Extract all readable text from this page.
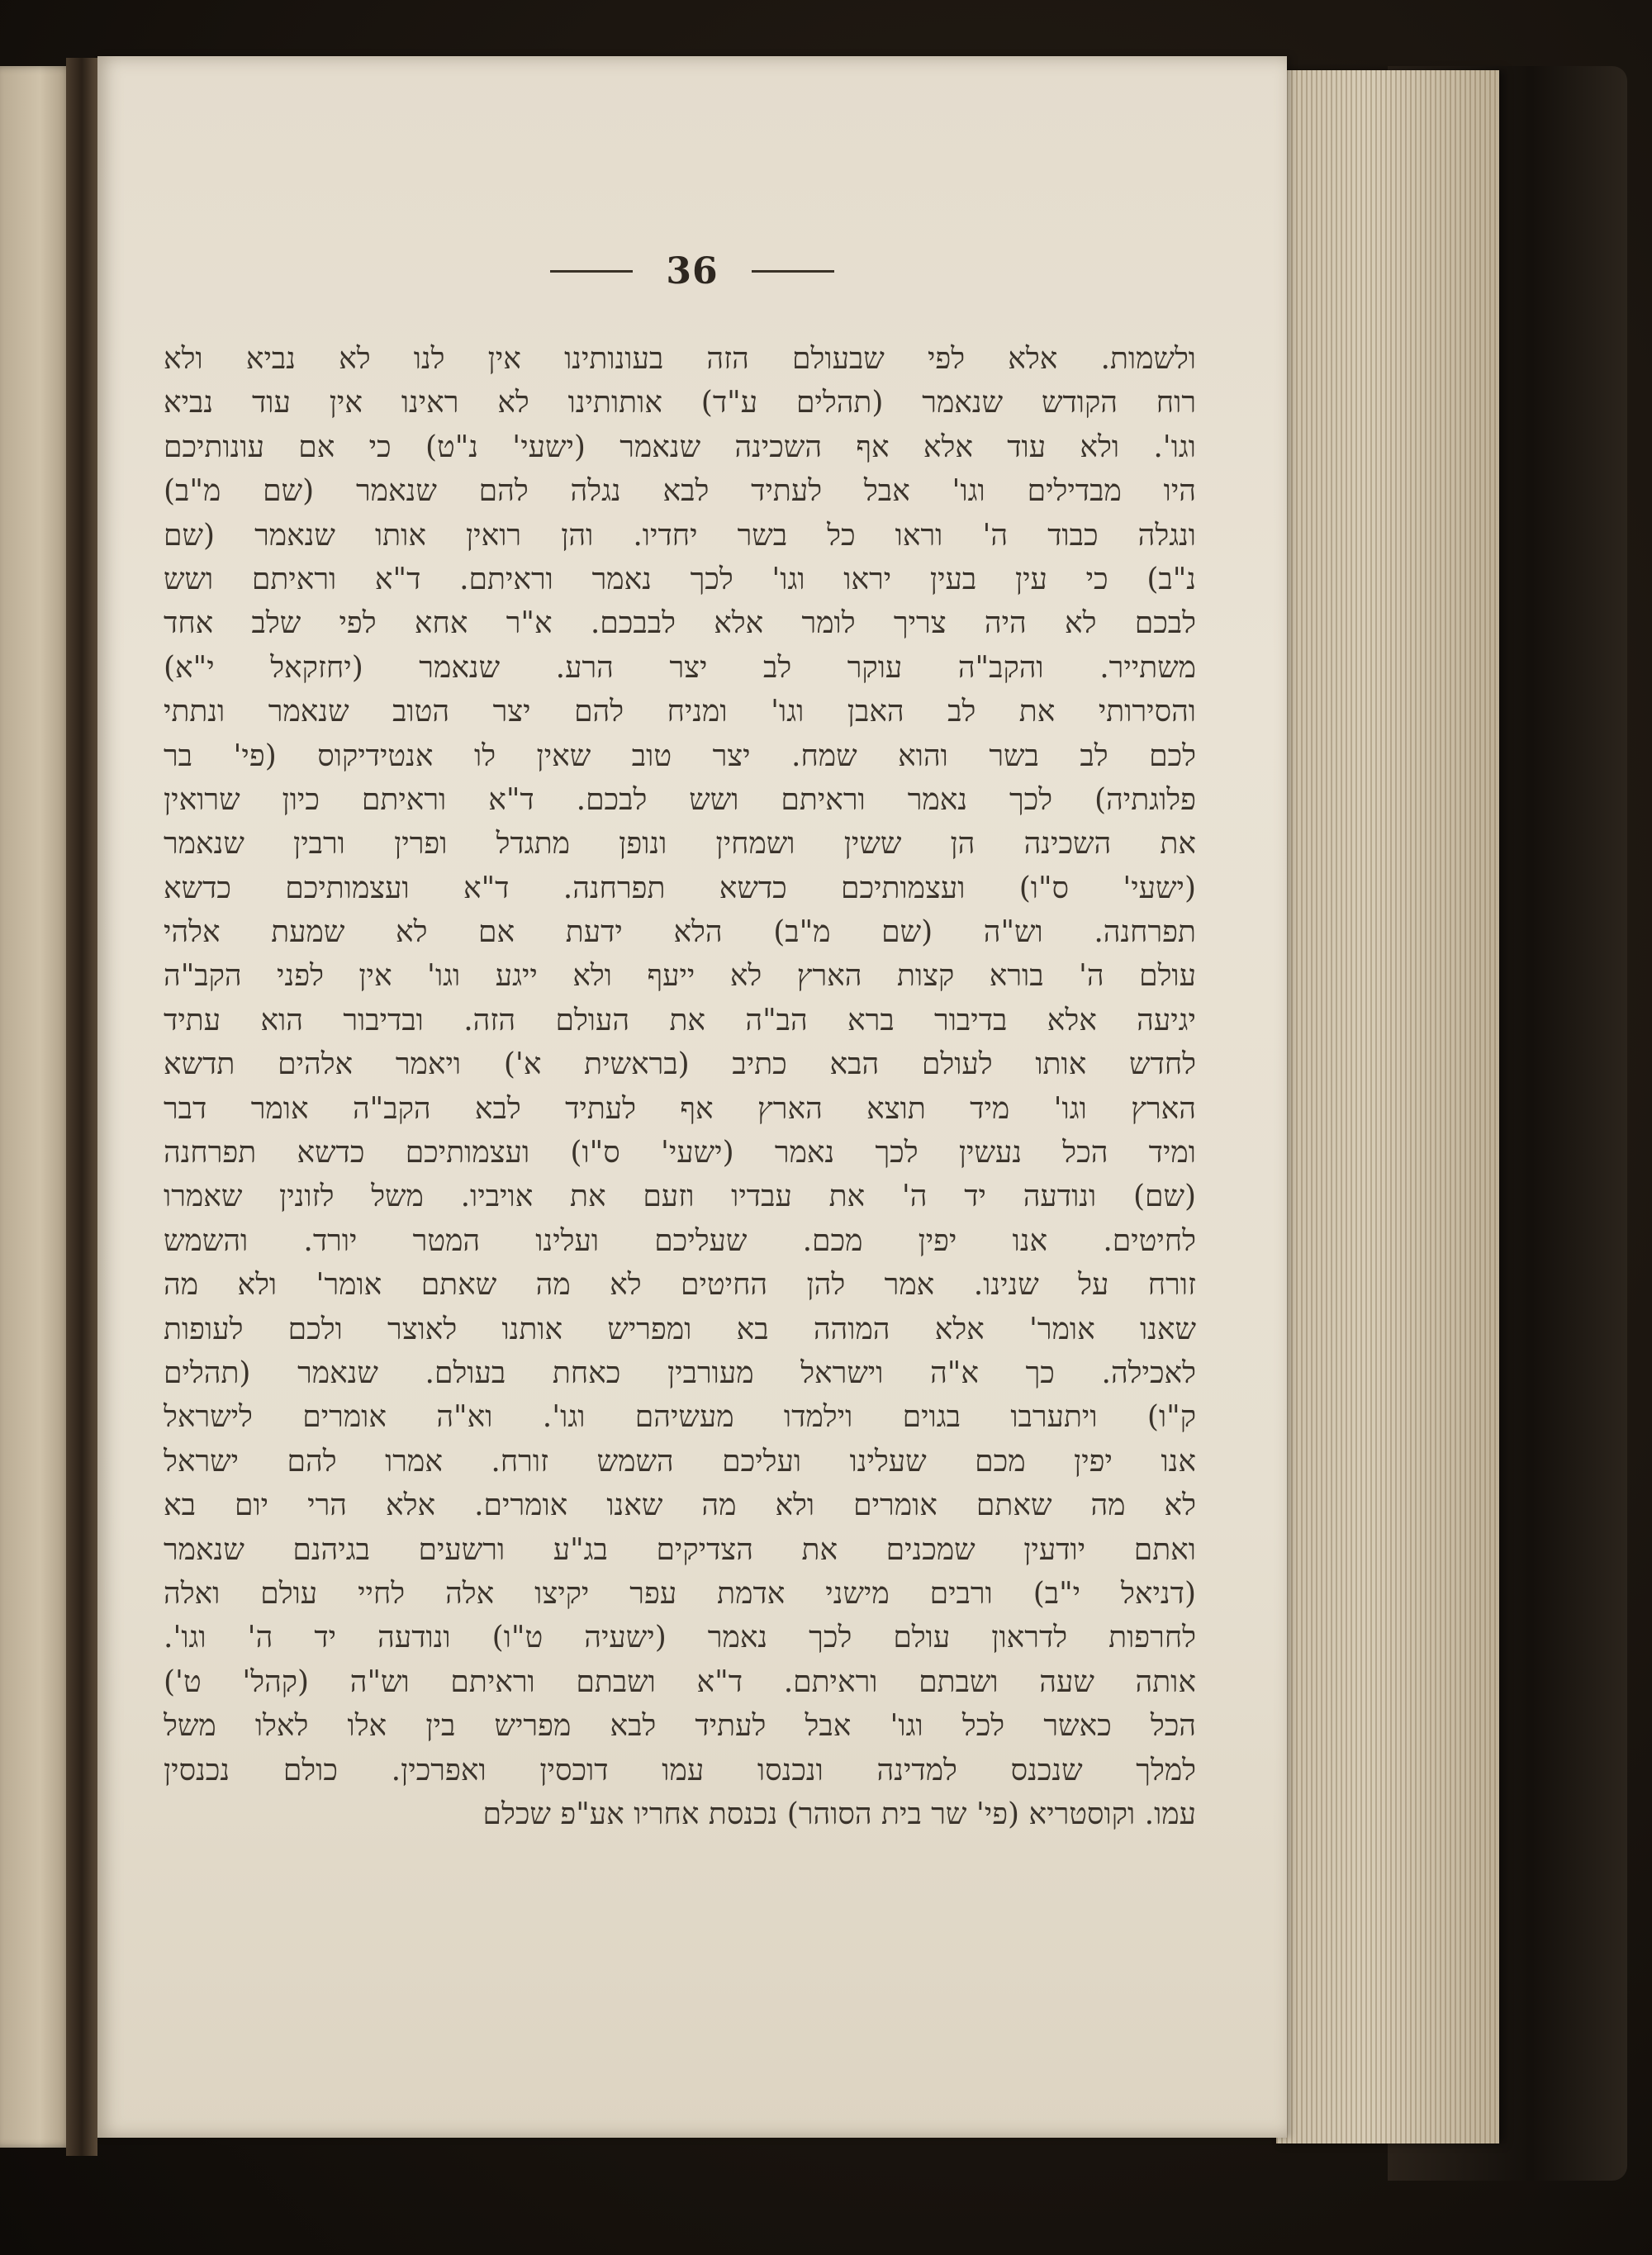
36
ולשמות. אלא לפי שבעולם הזה בעונותינו אין לנו לא נביא ולא
רוח הקודש שנאמר (תהלים ע"ד) אותותינו לא ראינו אין עוד נביא
וגו'. ולא עוד אלא אף השכינה שנאמר (ישעי' נ"ט) כי אם עונותיכם
היו מבדילים וגו' אבל לעתיד לבא נגלה להם שנאמר (שם מ"ב)
ונגלה כבוד ה' וראו כל בשר יחדיו. והן רואין אותו שנאמר (שם
נ"ב) כי עין בעין יראו וגו' לכך נאמר וראיתם. ד"א וראיתם ושש
לבכם לא היה צריך לומר אלא לבבכם. א"ר אחא לפי שלב אחד
משתייר. והקב"ה עוקר לב יצר הרע. שנאמר (יחזקאל י"א)
והסירותי את לב האבן וגו' ומניח להם יצר הטוב שנאמר ונתתי
לכם לב בשר והוא שמח. יצר טוב שאין לו אנטידיקוס (פי' בר
פלוגתיה) לכך נאמר וראיתם ושש לבכם. ד"א וראיתם כיון שרואין
את השכינה הן ששין ושמחין ונופן מתגדל ופרין ורבין שנאמר
(ישעי' ס"ו) ועצמותיכם כדשא תפרחנה. ד"א ועצמותיכם כדשא
תפרחנה. וש"ה (שם מ"ב) הלא ידעת אם לא שמעת אלהי
עולם ה' בורא קצות הארץ לא ייעף ולא ייגע וגו' אין לפני הקב"ה
יגיעה אלא בדיבור ברא הב"ה את העולם הזה. ובדיבור הוא עתיד
לחדש אותו לעולם הבא כתיב (בראשית א') ויאמר אלהים תדשא
הארץ וגו' מיד תוצא הארץ אף לעתיד לבא הקב"ה אומר דבר
ומיד הכל נעשין לכך נאמר (ישעי' ס"ו) ועצמותיכם כדשא תפרחנה
(שם) ונודעה יד ה' את עבדיו וזעם את אויביו. משל לזונין שאמרו
לחיטים. אנו יפין מכם. שעליכם ועלינו המטר יורד. והשמש
זורח על שנינו. אמר להן החיטים לא מה שאתם אומר' ולא מה
שאנו אומר' אלא המוהה בא ומפריש אותנו לאוצר ולכם לעופות
לאכילה. כך א"ה וישראל מעורבין כאחת בעולם. שנאמר (תהלים
ק"ו) ויתערבו בגוים וילמדו מעשיהם וגו'. וא"ה אומרים לישראל
אנו יפין מכם שעלינו ועליכם השמש זורח. אמרו להם ישראל
לא מה שאתם אומרים ולא מה שאנו אומרים. אלא הרי יום בא
ואתם יודעין שמכנים את הצדיקים בג"ע ורשעים בגיהנם שנאמר
(דניאל י"ב) ורבים מישני אדמת עפר יקיצו אלה לחיי עולם ואלה
לחרפות לדראון עולם לכך נאמר (ישעיה ט"ו) ונודעה יד ה' וגו'.
אותה שעה ושבתם וראיתם. ד"א ושבתם וראיתם וש"ה (קהל' ט')
הכל כאשר לכל וגו' אבל לעתיד לבא מפריש בין אלו לאלו משל
למלך שנכנס למדינה ונכנסו עמו דוכסין ואפרכין. כולם נכנסין
עמו. וקוסטריא (פי' שר בית הסוהר) נכנסת אחריו אע"פ שכלם
